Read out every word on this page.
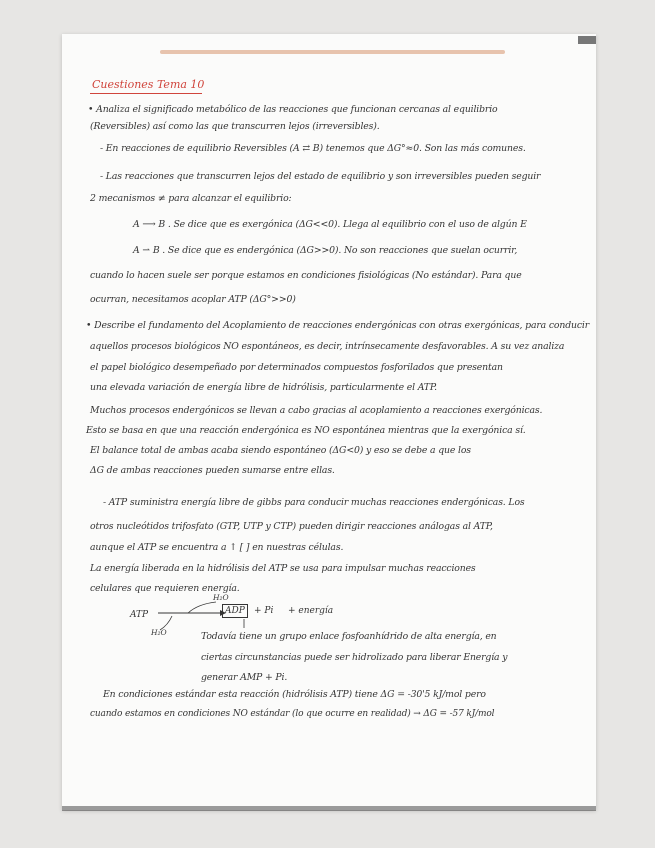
Cuestiones Tema 10
• Analiza el significado metabólico de las reacciones que funcionan cercanas al equilibrio
(Reversibles) así como las que transcurren lejos (irreversibles).
- En reacciones de equilibrio Reversibles (A ⇄ B) tenemos que ΔG°≈0. Son las más comunes.
- Las reacciones que transcurren lejos del estado de equilibrio y son irreversibles pueden seguir
2 mecanismos ≠ para alcanzar el equilibrio:
A ⟶ B . Se dice que es exergónica (ΔG<<0). Llega al equilibrio con el uso de algún E
A ⇀ B . Se dice que es endergónica (ΔG>>0). No son reacciones que suelan ocurrir,
cuando lo hacen suele ser porque estamos en condiciones fisiológicas (No estándar). Para que
ocurran, necesitamos acoplar ATP (ΔG°>>0)
• Describe el fundamento del Acoplamiento de reacciones endergónicas con otras exergónicas, para conducir
aquellos procesos biológicos NO espontáneos, es decir, intrínsecamente desfavorables. A su vez analiza
el papel biológico desempeñado por determinados compuestos fosforilados que presentan
una elevada variación de energía libre de hidrólisis, particularmente el ATP.
Muchos procesos endergónicos se llevan a cabo gracias al acoplamiento a reacciones exergónicas.
Esto se basa en que una reacción endergónica es NO espontánea mientras que la exergónica sí.
El balance total de ambas acaba siendo espontáneo (ΔG<0) y eso se debe a que los
ΔG de ambas reacciones pueden sumarse entre ellas.
- ATP suministra energía libre de gibbs para conducir muchas reacciones endergónicas. Los
otros nucleótidos trifosfato (GTP, UTP y CTP) pueden dirigir reacciones análogas al ATP,
aunque el ATP se encuentra a ↑ [ ] en nuestras células.
La energía liberada en la hidrólisis del ATP se usa para impulsar muchas reacciones
celulares que requieren energía.
ATP
H₂O
H₂O
ADP	+ Pi + energía
Todavía tiene un grupo enlace fosfoanhídrido de alta energía, en
ciertas circunstancias puede ser hidrolizado para liberar Energía y
generar AMP + Pi.
En condiciones estándar esta reacción (hidrólisis ATP) tiene ΔG = -30'5 kJ/mol pero
cuando estamos en condiciones NO estándar (lo que ocurre en realidad) → ΔG = -57 kJ/mol
